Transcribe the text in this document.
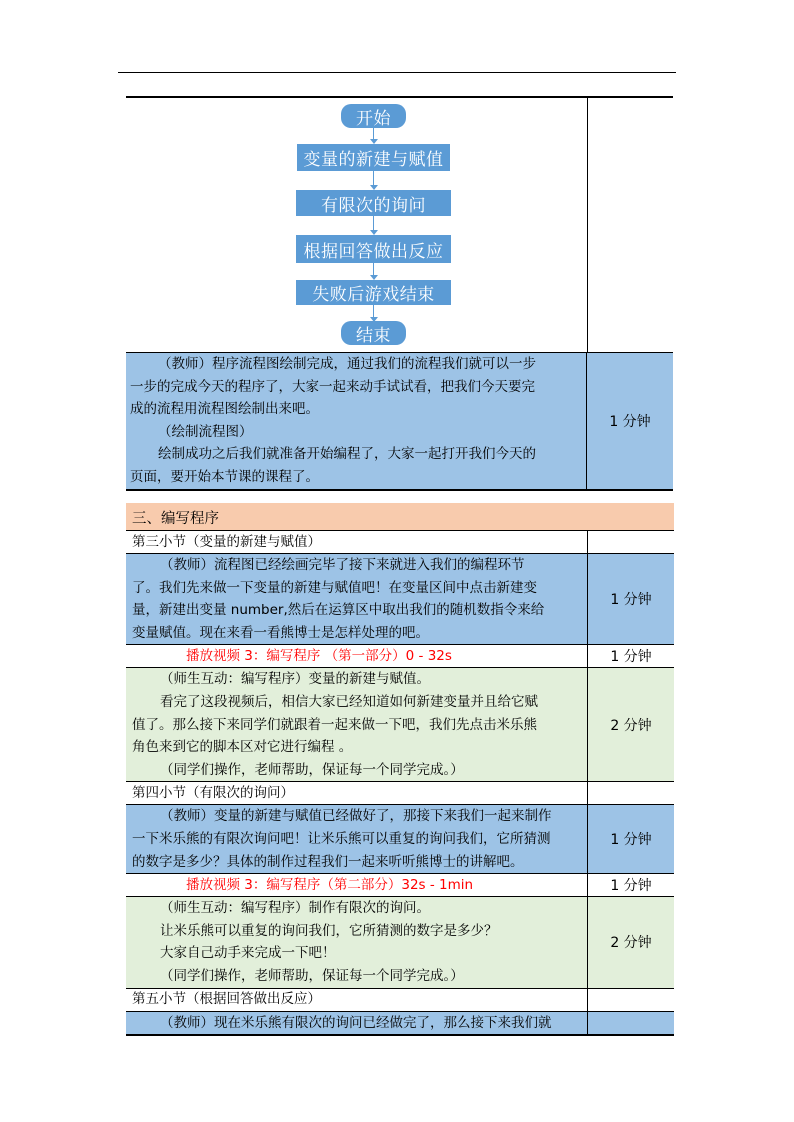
开始
变量的新建与赋值
有限次的询问
根据回答做出反应
失败后游戏结束
结束

（教师）程序流程图绘制完成，通过我们的流程我们就可以一步

一步的完成今天的程序了，大家一起来动手试试看，把我们今天要完

成的流程用流程图绘制出来吧。

（绘制流程图）

绘制成功之后我们就准备开始编程了，大家一起打开我们今天的

页面，要开始本节课的课程了。

1 分钟
三、编写程序
第三小节（变量的新建与赋值）

（教师）流程图已经绘画完毕了接下来就进入我们的编程环节

了。我们先来做一下变量的新建与赋值吧！在变量区间中点击新建变

量，新建出变量 number,然后在运算区中取出我们的随机数指令来给

变量赋值。现在来看一看熊博士是怎样处理的吧。

1 分钟
播放视频 3：编写程序 （第一部分）0 - 32s	1 分钟

（师生互动：编写程序）变量的新建与赋值。

看完了这段视频后，相信大家已经知道如何新建变量并且给它赋

值了。那么接下来同学们就跟着一起来做一下吧，我们先点击米乐熊

角色来到它的脚本区对它进行编程 。

（同学们操作，老师帮助，保证每一个同学完成。）

2 分钟
第四小节（有限次的询问）

（教师）变量的新建与赋值已经做好了，那接下来我们一起来制作

一下米乐熊的有限次询问吧！让米乐熊可以重复的询问我们，它所猜测

的数字是多少？具体的制作过程我们一起来听听熊博士的讲解吧。

1 分钟
播放视频 3：编写程序（第二部分）32s - 1min	1 分钟

（师生互动：编写程序）制作有限次的询问。

让米乐熊可以重复的询问我们，它所猜测的数字是多少？

大家自己动手来完成一下吧！

（同学们操作，老师帮助，保证每一个同学完成。）

2 分钟
第五小节（根据回答做出反应）

（教师）现在米乐熊有限次的询问已经做完了，那么接下来我们就
